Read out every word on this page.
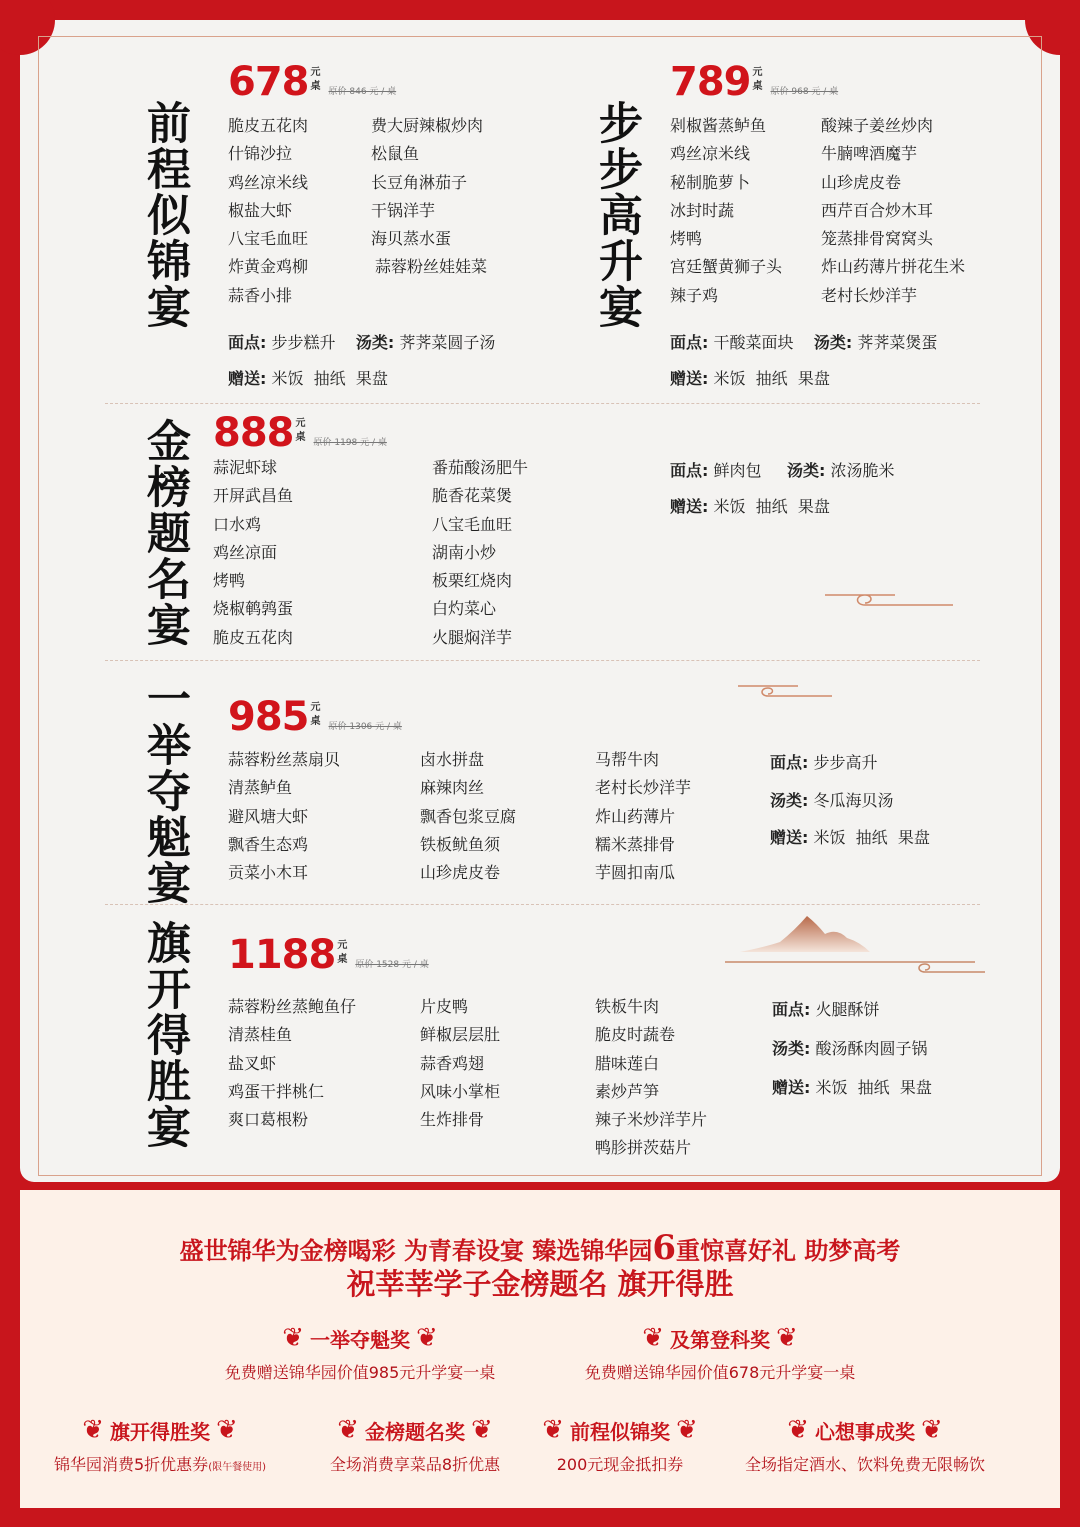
前程似锦宴
678 元
桌 原价 846 元 / 桌
脆皮五花肉
什锦沙拉
鸡丝凉米线
椒盐大虾
八宝毛血旺
炸黄金鸡柳
蒜香小排
费大厨辣椒炒肉
松鼠鱼
长豆角淋茄子
干锅洋芋
海贝蒸水蛋
蒜蓉粉丝娃娃菜
面点: 步步糕升 汤类: 荠荠菜圆子汤
赠送: 米饭  抽纸  果盘
步步高升宴
789 元
桌 原价 968 元 / 桌
剁椒酱蒸鲈鱼
鸡丝凉米线
秘制脆萝卜
冰封时蔬
烤鸭
宫廷蟹黄狮子头
辣子鸡
酸辣子姜丝炒肉
牛腩啤酒魔芋
山珍虎皮卷
西芹百合炒木耳
笼蒸排骨窝窝头
炸山药薄片拼花生米
老村长炒洋芋
面点: 干酸菜面块 汤类: 荠荠菜煲蛋
赠送: 米饭  抽纸  果盘
金榜题名宴 888 元
桌 原价 1198 元 / 桌
蒜泥虾球
开屏武昌鱼
口水鸡
鸡丝凉面
烤鸭
烧椒鹌鹑蛋
脆皮五花肉
番茄酸汤肥牛
脆香花菜煲
八宝毛血旺
湖南小炒
板栗红烧肉
白灼菜心
火腿焖洋芋
面点: 鲜肉包 汤类: 浓汤脆米
赠送: 米饭  抽纸  果盘
一举夺魁宴 985 元
桌 原价 1306 元 / 桌
蒜蓉粉丝蒸扇贝
清蒸鲈鱼
避风塘大虾
飘香生态鸡
贡菜小木耳
卤水拼盘
麻辣肉丝
飘香包浆豆腐
铁板鱿鱼须
山珍虎皮卷
马帮牛肉
老村长炒洋芋
炸山药薄片
糯米蒸排骨
芋圆扣南瓜
面点: 步步高升
汤类: 冬瓜海贝汤
赠送: 米饭  抽纸  果盘
旗开得胜宴 1188 元
桌 原价 1528 元 / 桌
蒜蓉粉丝蒸鲍鱼仔
清蒸桂鱼
盐叉虾
鸡蛋干拌桃仁
爽口葛根粉
片皮鸭
鲜椒层层肚
蒜香鸡翅
风味小掌柜
生炸排骨
铁板牛肉
脆皮时蔬卷
腊味莲白
素炒芦笋
辣子米炒洋芋片
鸭胗拼茨菇片
面点: 火腿酥饼
汤类: 酸汤酥肉圆子锅
赠送: 米饭  抽纸  果盘
盛世锦华为金榜喝彩 为青春设宴 臻选锦华园6重惊喜好礼 助梦高考
祝莘莘学子金榜题名 旗开得胜
❦ 一举夺魁奖 ❦
免费赠送锦华园价值985元升学宴一桌
❦ 及第登科奖 ❦
免费赠送锦华园价值678元升学宴一桌
❦ 旗开得胜奖 ❦
锦华园消费5折优惠券(限午餐使用)
❦ 金榜题名奖 ❦
全场消费享菜品8折优惠
❦ 前程似锦奖 ❦
200元现金抵扣券
❦ 心想事成奖 ❦
全场指定酒水、饮料免费无限畅饮
